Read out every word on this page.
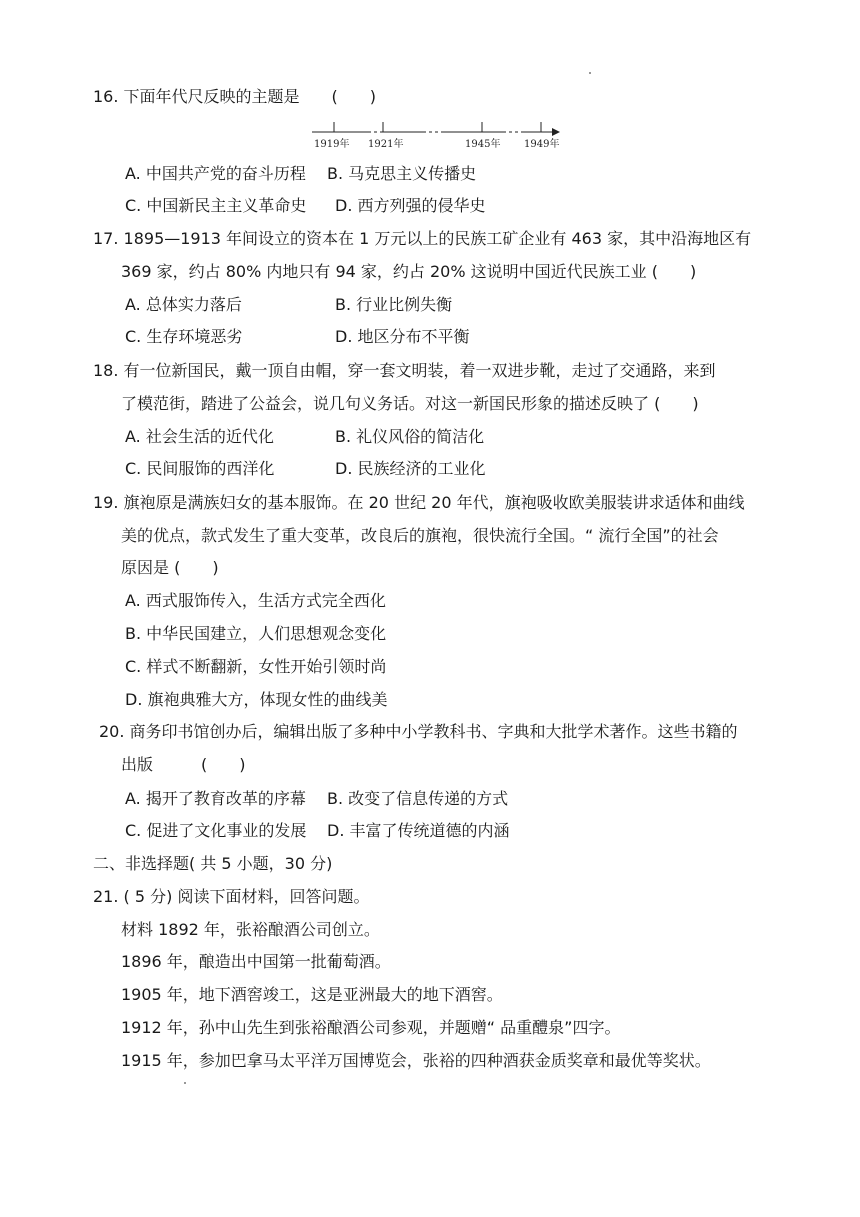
16. 下面年代尺反映的主题是　　(　　)
1919年 1921年	1945年 1949年
A. 中国共产党的奋斗历程 B. 马克思主义传播史
C. 中国新民主主义革命史 D. 西方列强的侵华史
17. 1895—1913 年间设立的资本在 1 万元以上的民族工矿企业有 463 家，其中沿海地区有
369 家，约占 80% 内地只有 94 家，约占 20% 这说明中国近代民族工业 (　　)
A. 总体实力落后	B. 行业比例失衡
C. 生存环境恶劣	D. 地区分布不平衡
18. 有一位新国民，戴一顶自由帽，穿一套文明装，着一双进步靴，走过了交通路，来到
了模范街，踏进了公益会，说几句义务话。对这一新国民形象的描述反映了 (　　)
A. 社会生活的近代化	B. 礼仪风俗的简洁化
C. 民间服饰的西洋化	D. 民族经济的工业化
19. 旗袍原是满族妇女的基本服饰。在 20 世纪 20 年代，旗袍吸收欧美服装讲求适体和曲线
美的优点，款式发生了重大变革，改良后的旗袍，很快流行全国。“ 流行全国”的社会
原因是 (　　)
A. 西式服饰传入，生活方式完全西化
B. 中华民国建立，人们思想观念变化
C. 样式不断翻新，女性开始引领时尚
D. 旗袍典雅大方，体现女性的曲线美
20. 商务印书馆创办后，编辑出版了多种中小学教科书、字典和大批学术著作。这些书籍的
出版　　　(　　)
A. 揭开了教育改革的序幕 B. 改变了信息传递的方式
C. 促进了文化事业的发展 D. 丰富了传统道德的内涵
二、非选择题( 共 5 小题，30 分)
21. ( 5 分) 阅读下面材料，回答问题。
材料 1892 年，张裕酿酒公司创立。
1896 年，酿造出中国第一批葡萄酒。
1905 年，地下酒窖竣工，这是亚洲最大的地下酒窖。
1912 年，孙中山先生到张裕酿酒公司参观，并题赠“ 品重醴泉”四字。
1915 年，参加巴拿马太平洋万国博览会，张裕的四种酒获金质奖章和最优等奖状。
